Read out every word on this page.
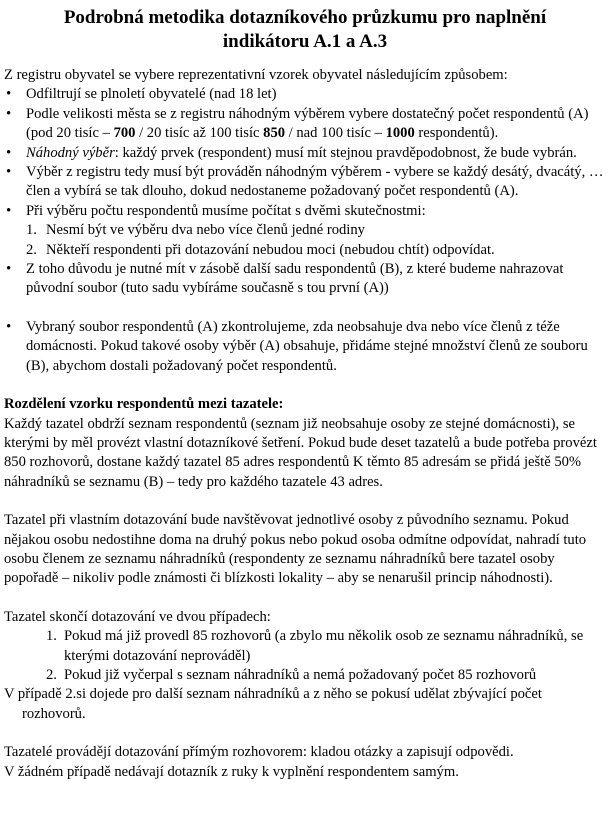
Podrobná metodika dotazníkového průzkumu pro naplnění indikátoru A.1 a A.3

Z registru obyvatel se vybere reprezentativní vzorek obyvatel následujícím způsobem:

• Odfiltrují se plnoletí obyvatelé (nad 18 let)
• Podle velikosti města se z registru náhodným výběrem vybere dostatečný počet respondentů (A) (pod 20 tisíc – 700 / 20 tisíc až 100 tisíc 850 / nad 100 tisíc – 1000 respondentů).
• Náhodný výběr: každý prvek (respondent) musí mít stejnou pravděpodobnost, že bude vybrán.
• Výběr z registru tedy musí být prováděn náhodným výběrem - vybere se každý desátý, dvacátý, … člen a vybírá se tak dlouho, dokud nedostaneme požadovaný počet respondentů (A).
• Při výběru počtu respondentů musíme počítat s dvěmi skutečnostmi:
1. Nesmí být ve výběru dva nebo více členů jedné rodiny
2. Někteří respondenti při dotazování nebudou moci (nebudou chtít) odpovídat.
• Z toho důvodu je nutné mít v zásobě další sadu respondentů (B), z které budeme nahrazovat původní soubor (tuto sadu vybíráme současně s tou první (A))
• Vybraný soubor respondentů (A) zkontrolujeme, zda neobsahuje dva nebo více členů z téže domácnosti. Pokud takové osoby výběr (A) obsahuje, přidáme stejné množství členů ze souboru (B), abychom dostali požadovaný počet respondentů.

Rozdělení vzorku respondentů mezi tazatele:

Každý tazatel obdrží seznam respondentů (seznam již neobsahuje osoby ze stejné domácnosti), se kterými by měl provézt vlastní dotazníkové šetření. Pokud bude deset tazatelů a bude potřeba provézt 850 rozhovorů, dostane každý tazatel 85 adres respondentů K těmto 85 adresám se přidá ještě 50% náhradníků se seznamu (B) – tedy pro každého tazatele 43 adres.

Tazatel při vlastním dotazování bude navštěvovat jednotlivé osoby z původního seznamu. Pokud nějakou osobu nedostihne doma na druhý pokus nebo pokud osoba odmítne odpovídat, nahradí tuto osobu členem ze seznamu náhradníků (respondenty ze seznamu náhradníků bere tazatel osoby popořadě – nikoliv podle známosti či blízkosti lokality – aby se nenarušil princip náhodnosti).

Tazatel skončí dotazování ve dvou případech:

1. Pokud má již provedl 85 rozhovorů (a zbylo mu několik osob ze seznamu náhradníků, se kterými dotazování neprováděl)
2. Pokud již vyčerpal s seznam náhradníků a nemá požadovaný počet 85 rozhovorů

V případě 2.si dojede pro další seznam náhradníků a z něho se pokusí udělat zbývající počet

rozhovorů.

Tazatelé provádějí dotazování přímým rozhovorem: kladou otázky a zapisují odpovědi.

V žádném případě nedávají dotazník z ruky k vyplnění respondentem samým.
